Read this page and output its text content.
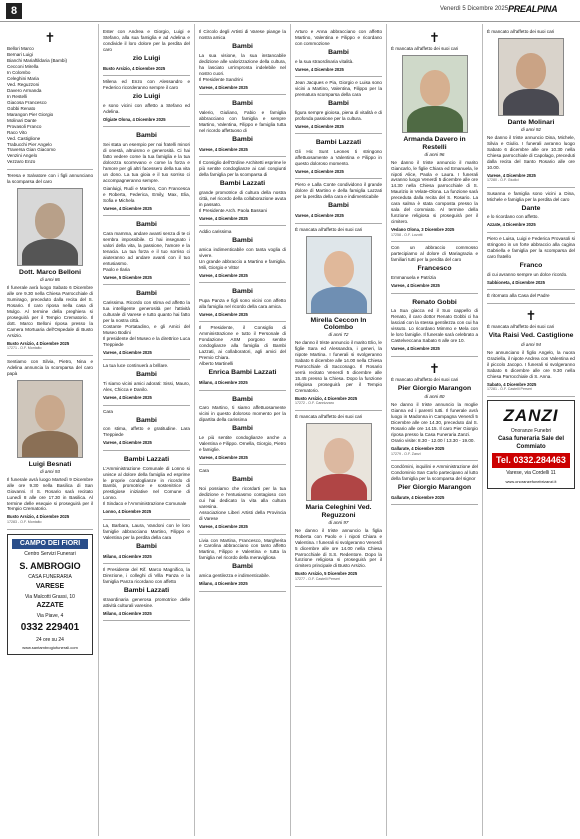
8	Venerdì 5 Dicembre 2025 PREALPINA
✝
Bellori Marco
Bernari Luigi
Bianchi Mariaftildaria (Bambi)
Cecconi Mirella
In Colombo
Celeghini Maria
Ved. Reguzzoni
Davero Armanda
In Restelli
Giacosa Francesco
Gobbi Renato
Marangon Pier Giorgio
Molinari Dante
Provasoli Franco
Raco Vito
Ved. Castiglione
Trabucchi Pier Angelo
Traversa Gian Giacomo
Venzini Angelo
Vezzaro Enzo
Teresa e Salvatore con i figli annunciano la scomparsa del caro
Dott. Marco Belloni
di anni 86
Il funerale avrà luogo Sabato 6 Dicembre alle ore 9.30 nella Chiesa Parrocchiale di Sumirago, preceduto dalla recita del S. Rosario. Il caro riposa nella casa di Mulgo. Al termine della preghiera si proseguirà per il Tempio Crematorio. Il dott. Marco Belloni riposa presso la Camera Mortuaria dell'Ospedale di Busto Arsizio.
Busto Arsizio, 4 Dicembre 2025
17271 - O.F. Montalto
Sentiamo con Silvia, Pietro, Nina e Adelina annuncia la scomparsa del caro papà
Luigi Besnati
di anni 93
Il funerale avrà luogo Martedì 9 Dicembre alle ore 9.30 nella Basilica di San Giovanni. Il S. Rosario sarà recitato Lunedì 8 alle ore 17.30 in Basilica. Al termine delle esequie si proseguirà per il Tempio Crematorio.
Busto Arsizio, 4 Dicembre 2025
17283 - O.F. Montalto
CAMPO DEI FIORI
Centro Servizi Funerari
S. AMBROGIO
CASA FUNERARIA
VARESE
Via Malcotti Grassi, 10
AZZATE
Via Piave, 4
0332 229401
24 ore su 24
www.santambrogiofunerali.com
Il Circolo degli Artisti di Varese piange la nostra amica
Bambi
La sua visione, la sua instancabile dedizione alle valorizzazione della cultura, ha lasciato un'impronta indelebile nel nostro cuori.
Il Presidente Sandrini
Varese, 4 Dicembre 2025
Bambi
Valerio, Giuliano, Fabio e famiglia abbracciano con famiglia e sempre Martino, Valentina, Filippo e famiglia tutta nel ricordo affettuoso di
Bambi
Varese, 4 Dicembre 2025
Il Consiglio dell'Ordine Architetti esprime le più sentite condoglianze ai cari congiunti della famiglia per la scomparsa di
Bambi Lazzati
grande promotrice di cultura della nostra città, nel ricordo della collaborazione avuta in passato.
Il Presidente Arch. Paola Bassani
Varese, 4 Dicembre 2025
Addio carissima
Bambi
amica indimenticabile con tanta voglia di vivere.
Un grande abbraccio a Martino e famiglia. Mili, Giorgio e Vittor
Varese, 4 Dicembre 2025
Bambi
Pupa Panza e figli sono vicini con affetto alla famiglia nel ricordo della cara amica.
Varese, 4 Dicembre 2025
Il Presidente, il Consiglio di Amministrazione e tutto il Personale di Fondazione ASM porgono sentite condoglianze alla famiglia di Bambi Lazzati, ai collaboratori, agli amici del Premio Chiara.
Alberto Martinelli
Enrica Bambi Lazzati
Milano, 4 Dicembre 2025
Bambi
Caro Martino, ti siamo affettuosamente vicini in questo doloroso momento per la dipartita della carissima
Bambi
Le più sentite condoglianze anche a Valentina e Filippo. Ornella, Giorgio, Pietro e famiglie.
Varese, 4 Dicembre 2025
Cara
Bambi
Noi possiamo che ricordarti per la tua dedizione e l'entusiasmo contagioso con cui hai dedicato la vita alla cultura varesina.
Associazione Liberi Artisti della Provincia di Varese
Varese, 4 Dicembre 2025
Livia con Martina, Francesco, Margherita e Carolina abbracciano con tanto affetto Martino, Filippo e Valentina e tutta la famiglia nel ricordo della meravigliosa
Bambi
amica gentilezza e indimenticabile.
Milano, 4 Dicembre 2025
Arturo e Anna abbracciano con affetto Martino, Valentina e Filippo e ricordano con commozione
Bambi
e la sua straordinaria vitalità.
Varese, 4 Dicembre 2025
Jean Jacques e Pia, Giorgio e Luisa sono vicini a Martino, Valentina, Filippo per la prematura scomparsa della cara
Bambi
figura sempre gioiosa, piena di vitalità e di profonda passione per la cultura.
Varese, 4 Dicembre 2025
Bambi Lazzati
Gli Hic Sunt Leones ti stringono affettuosamente a Valentina e Filippo in questo doloroso momento.
Varese, 4 Dicembre 2025
Piero e Lalla Conte condividono il grande dolore di Martino e della famiglia Lazzati per la perdita della cara e indimenticabile
Bambi
Varese, 4 Dicembre 2025
È mancata all'affetto dei suoi cari
Mirella Ceccon In Colombo
di anni 72
Ne danno il triste annuncio il marito Elio, le figlie Sara ed Alessandra, i generi, la nipote Martina. I funerali si svolgeranno Sabato 6 dicembre alle 14.00 nella Chiesa Parrocchiale di Sacconago. Il Rosario verrà recitato Venerdì 5 dicembre alle 15.45 presso la Chiesa. Dopo la funzione religiosa proseguirà per il Tempio Crematorio.
Busto Arsizio, 4 Dicembre 2025
17272 - O.F. Cannizzaro
È mancata all'affetto dei suoi cari
Maria Celeghini Ved. Reguzzoni
di anni 97
Ne danno il triste annuncio la figlia Roberta con Paolo e i nipoti Chiara e Valentina. I funerali si svolgeranno Venerdì 5 dicembre alle ore 14.00 nella Chiesa Parrocchiale di S.S. Redentore. Dopo la funzione religiosa si proseguirà per il cimitero principale di Busto Arsizio.
Busto Arsizio, 5 Dicembre 2025
17277 - O.F. Castelli Perseri
✝
È mancata all'affetto dei suoi cari
Armanda Davero in Restelli
di anni 96
Ne danno il triste annuncio il marito Giancarlo, le figlie Chiara ed Emanuela, le nipoti Alice, Paola e Laura. I funerali avranno luogo Venerdì 5 dicembre alle ore 14.30 nella Chiesa parrocchiale di S. Maurizio in Velate-Olona. La funzione sarà preceduta dalla recita del S. Rosario. La cara salma è stata composta presso la sala del commiato. Al termine della funzione religiosa si proseguirà per il cimitero.
Vedano Olona, 3 Dicembre 2025
17258 - O.F. Lovotti
Con un abbraccio commosso partecipiamo al dolore di Mariagrazia e familiari tutti per la perdita del caro
Francesco
Emmanuela e Patrizia
Varese, 4 Dicembre 2025
Renato Gobbi
La Sua giacca ed il Suo cappello di Renato, il caro dottor Renato Gobbi ci ha lasciati con la stessa gentilezza con cui ha vissuto. Lo ricordano Mimmo e Mela con le loro famiglie. Il funerale sarà celebrato a Castelveccana Sabato 6 alle ore 10.
Varese, 4 Dicembre 2025
✝
È mancato all'affetto dei suoi cari
Pier Giorgio Marangon
di anni 80
Ne danno il triste annuncio la moglie Gianna ed i parenti tutti. Il funerale avrà luogo in Madonna in Campagna Venerdì 5 Dicembre alle ore 14.30, preceduto dal S. Rosario alle ore 14.15. Il caro Pier Giorgio riposa presso la Casa Funeraria Zanzi.
Orario visite: 8.30 - 12.00 / 13.30 - 19.00.
Gallarate, 4 Dicembre 2025
17279 - O.F. Zanzi
Condòmini, inquilini e Amministrazione del Condominio San Carlo partecipano al lutto della famiglia per la scomparsa del signor
Pier Giorgio Marangon
Gallarate, 4 Dicembre 2025
È mancato all'affetto dei suoi cari
Dante Molinari
di anni 92
Ne danno il triste annuncio Dina, Michele, Silvia e Giulio. I funerali avranno luogo Sabato 6 dicembre alle ore 10.30 nella Chiesa parrocchiale di Capolago, preceduti dalla recita del Santo Rosario alle ore 10.00.
Varese, 4 Dicembre 2025
17280 - O.F. Giudici
Susanna e famiglia sono vicini a Dina, Michele e famiglia per la perdita del caro
Dante
e lo ricordano con affetto.
Azzate, 4 Dicembre 2025
Piero e Luisa, Luigi e Federica Provasoli si stringono in un forte abbraccio alla cugina Gabriella e famiglia per la scomparsa del caro fratello
Franco
di cui avranno sempre un dolce ricordo.
Sabbioneta, 4 Dicembre 2025
È ritornato alla Casa del Padre
✝
È mancata all'affetto dei suoi cari
Vita Raisi Ved. Castiglione
di anni 94
Ne annunciano il figlio Angelo, la nuora Graziella, il nipote Andrea con Valentina ed il piccolo Jacopo. I funerali si svolgeranno Sabato 6 dicembre alle ore 9.30 nella Chiesa Parrocchiale di S. Anna.
Sabato, 4 Dicembre 2025
17281 - O.F. Castelli Perseri
ZANZI
Onoranze Funebri
Casa funeraria Sale del Commiato
Tel. 0332.284463
Varese, via Cordelli 11
www.onoranzefunebrizanzi.it
Ester con Andrea e Giorgio, Luigi e Stefano, alla sua famiglia e ad Adelina e condivide il loro dolore per la perdita del caro
zio Luigi
Busto Arsizio, 4 Dicembre 2025
Milena ed Enzo con Alessandro e Federico ricorderanno sempre il caro
zio Luigi
e sono vicini con affetto a Stefano ed Adelina.
Olgiate Olona, 4 Dicembre 2025
Bambi
Sei stata un esempio per noi fratelli minori di onestà, altruismo e generosità. Ci hai fatto vedere come la tua famiglia e la tua dolcezza scorrevano e come la forza e l'amore per gli altri facessero della tua vita un dono. La tua gioia e il tuo sorriso ci accompagneranno sempre.
Gianluigi, Rudi e Martino, Con Francesca e Roberta, Federica, Emily, Max, Elia, Sofia e Michela
Varese, 4 Dicembre 2025
Bambi
Cara mamma, andare avanti senza di te ci sembra impossibile. Ci hai insegnato i valori della vita, la passione, l'amore e la tenacia. La tua forza e il tuo sorriso ci aiuteranno ad andare avanti con il tuo entusiasmo.
Paolo e Ilaria
Varese, 5 Dicembre 2025
Bambi
Carissima. Ricordo con stima ed affetto la tua intelligente generosità per l'attività culturale di Varese e tutto quanto hai fatto per la nostra città.
Costante Portatadino, e gli Amici del Museo Bodini
Il presidente del Museo e la direttrice Luca Treppiede
Varese, 4 Dicembre 2025
La tua luce continuerà a brillare.
Bambi
Ti siamo vicini amici adorati: Sissi, Mauro, Alex, Chicca e Danilo.
Varese, 4 Dicembre 2025
Cara
Bambi
con stima, affetto e gratitudine. Lara Treppiede
Varese, 4 Dicembre 2025
Bambi Lazzati
L'Amministrazione Comunale di Lonno si unisce al dolore della famiglia ed esprime le proprie condoglianze in ricordo di Bambi, promotrice e sostenitrice di prestigiose iniziative nel Comune di Lonno.
Il Sindaco e l'Amministrazione Comunale
Lonno, 4 Dicembre 2025
La, Barbara, Laura, Vandoni con le loro famiglie abbracciano Martino, Filippo e Valentina per la perdita della cara
Bambi
Milano, 4 Dicembre 2025
Il Presidente del Rif. Marco Magnifico, la Direzione, i colleghi di Villa Panza e la famiglia Panza ricordano con affetto
Bambi Lazzati
straordinaria generosa promotrice delle attività culturali varesine.
Milano, 4 Dicembre 2025
